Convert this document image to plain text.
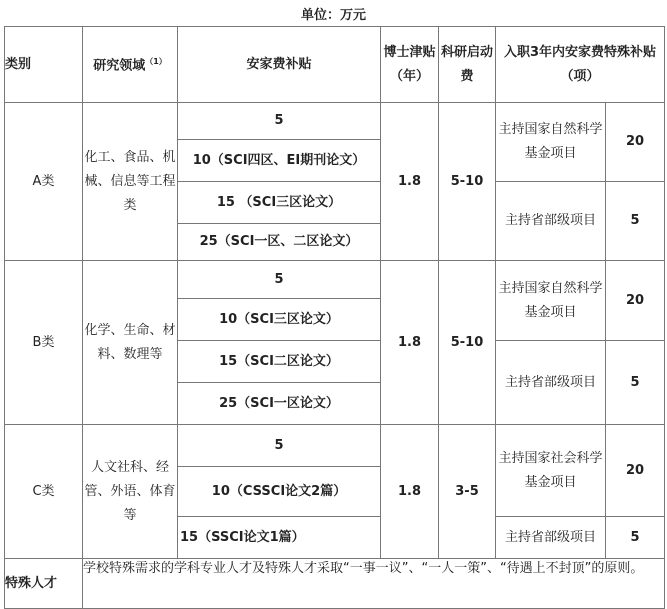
单位：万元
类别	研究领域$^{(1)}$	安家费补贴	博士津贴（年）	科研启动费	入职3年内安家费特殊补贴（项）	
A类	化工、食品、机械、信息等工程类	5	1.8	5-10	主持国家自然科学基金项目	20
		10（SCI四区、EI期刊论文）				
		15 （SCI三区论文）			主持省部级项目	5
		25（SCI一区、二区论文）				
B类	化学、生命、材料、数理等	5	1.8	5-10	主持国家自然科学基金项目	20
		10（SCI三区论文）				
		15（SCI二区论文）			主持省部级项目	5
		25（SCI一区论文）				
C类	人文社科、经管、外语、体育等	5	1.8	3-5	主持国家社会科学基金项目	20
		10（CSSCI论文2篇）				
		15（SSCI论文1篇）			主持省部级项目	5
特殊人才	学校特殊需求的学科专业人才及特殊人才采取“一事一议”、“一人一策”、“待遇上不封顶”的原则。					
